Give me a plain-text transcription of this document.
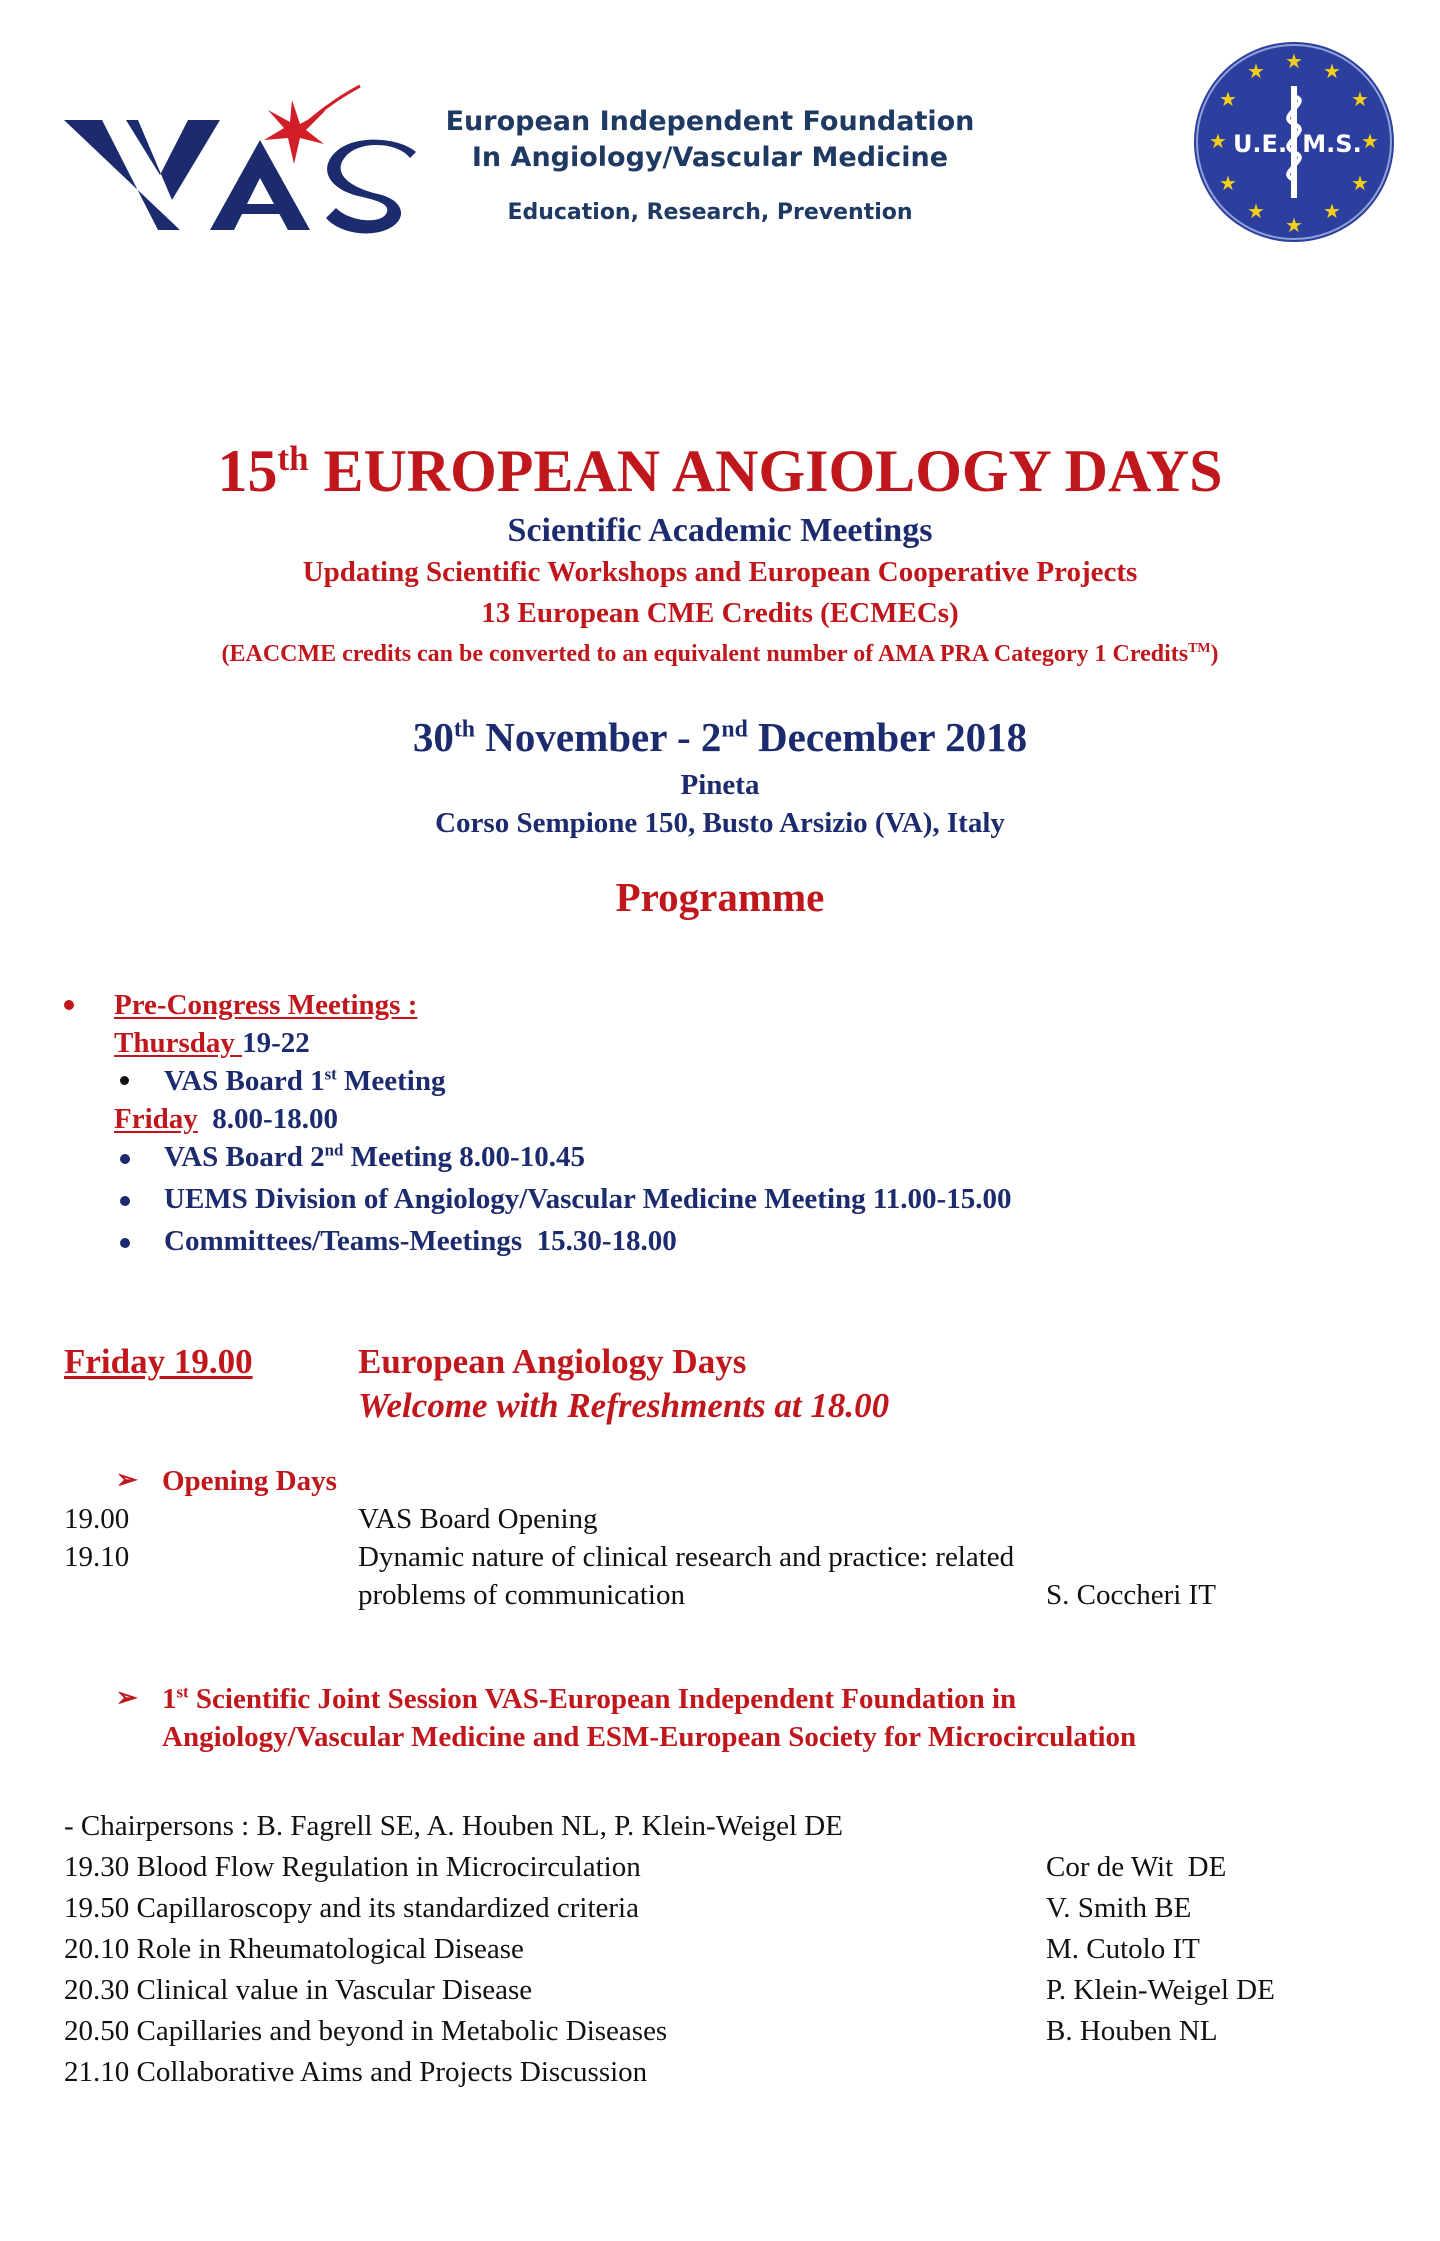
European Independent Foundation
In Angiology/Vascular Medicine
Education, Research, Prevention
★ ★
★
★
★
★
★
★
★
★
★
★
U.E. M.S.
15th EUROPEAN ANGIOLOGY DAYS
Scientific Academic Meetings
Updating Scientific Workshops and European Cooperative Projects
13 European CME Credits (ECMECs)
(EACCME credits can be converted to an equivalent number of AMA PRA Category 1 Credits™)
30th November - 2nd December 2018
Pineta
Corso Sempione 150, Busto Arsizio (VA), Italy
Programme
Pre-Congress Meetings :
Thursday 19-22
VAS Board 1st Meeting
Friday  8.00-18.00
VAS Board 2nd Meeting 8.00-10.45
UEMS Division of Angiology/Vascular Medicine Meeting 11.00-15.00
Committees/Teams-Meetings  15.30-18.00
Friday 19.00	European Angiology Days
Welcome with Refreshments at 18.00
➢ Opening Days
19.00	VAS Board Opening
19.10	Dynamic nature of clinical research and practice: related
problems of communication	S. Coccheri IT
➢ 1st Scientific Joint Session VAS-European Independent Foundation in
Angiology/Vascular Medicine and ESM-European Society for Microcirculation
- Chairpersons : B. Fagrell SE, A. Houben NL, P. Klein-Weigel DE
19.30 Blood Flow Regulation in Microcirculation	Cor de Wit  DE
19.50 Capillaroscopy and its standardized criteria	V. Smith BE
20.10 Role in Rheumatological Disease	M. Cutolo IT
20.30 Clinical value in Vascular Disease	P. Klein-Weigel DE
20.50 Capillaries and beyond in Metabolic Diseases	B. Houben NL
21.10 Collaborative Aims and Projects Discussion
